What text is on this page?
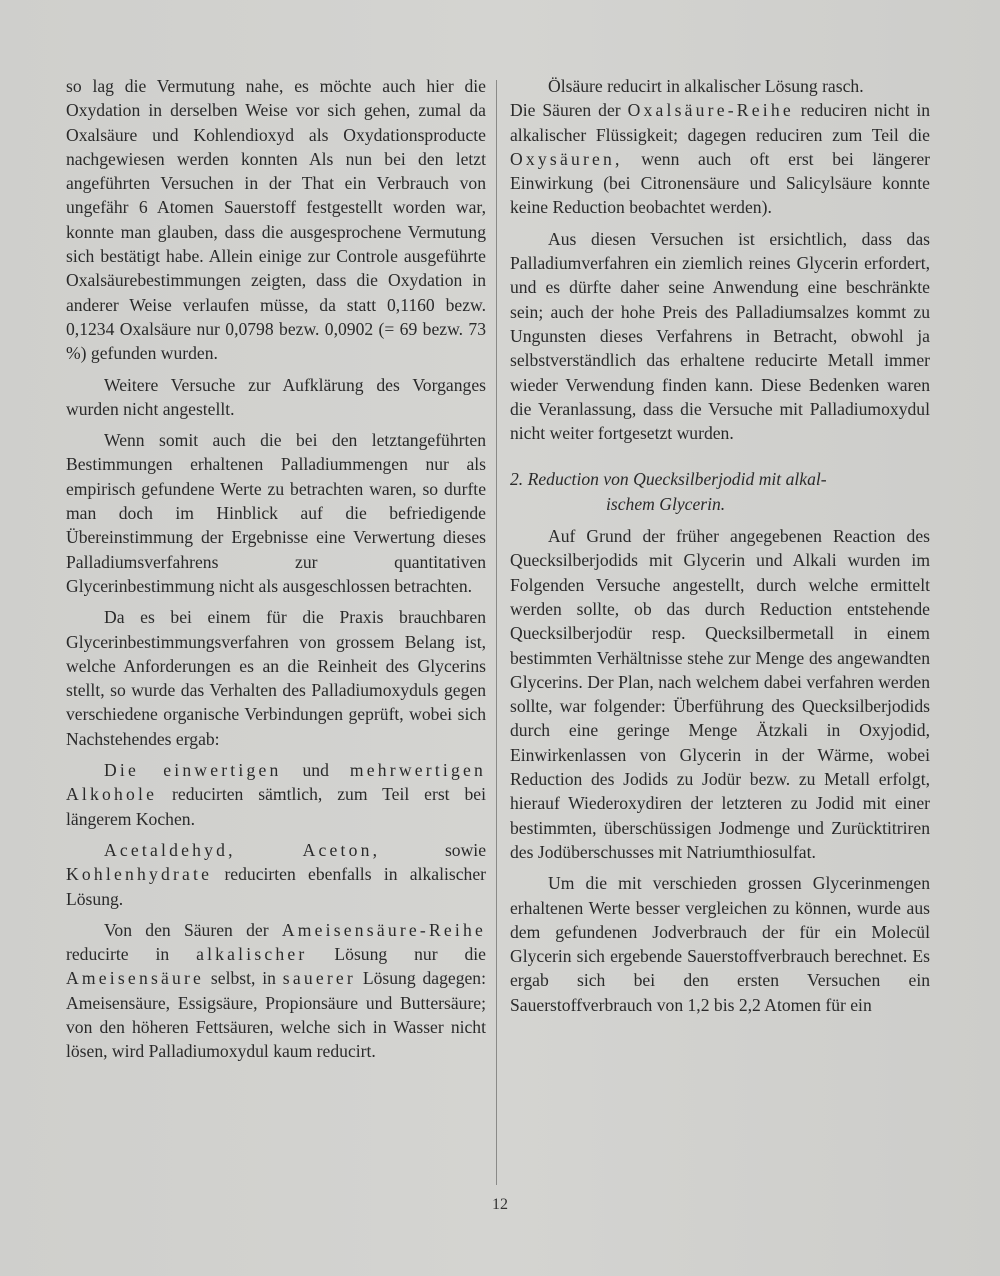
so lag die Vermutung nahe, es möchte auch hier die Oxydation in derselben Weise vor sich gehen, zumal da Oxalsäure und Kohlendioxyd als Oxydationsproducte nachgewiesen werden konnten Als nun bei den letzt angeführten Versuchen in der That ein Verbrauch von ungefähr 6 Atomen Sauerstoff festgestellt worden war, konnte man glauben, dass die ausgesprochene Vermutung sich bestätigt habe. Allein einige zur Controle ausgeführte Oxalsäurebestimmungen zeigten, dass die Oxydation in anderer Weise verlaufen müsse, da statt 0,1160 bezw. 0,1234 Oxalsäure nur 0,0798 bezw. 0,0902 (= 69 bezw. 73 %) gefunden wurden.

Weitere Versuche zur Aufklärung des Vorganges wurden nicht angestellt.

Wenn somit auch die bei den letztangeführten Bestimmungen erhaltenen Palladiummengen nur als empirisch gefundene Werte zu betrachten waren, so durfte man doch im Hinblick auf die befriedigende Übereinstimmung der Ergebnisse eine Verwertung dieses Palladiumsverfahrens zur quantitativen Glycerinbestimmung nicht als ausgeschlossen betrachten.

Da es bei einem für die Praxis brauchbaren Glycerinbestimmungsverfahren von grossem Belang ist, welche Anforderungen es an die Reinheit des Glycerins stellt, so wurde das Verhalten des Palladiumoxyduls gegen verschiedene organische Verbindungen geprüft, wobei sich Nachstehendes ergab:

Die einwertigen und mehrwertigen Alkohole reducirten sämtlich, zum Teil erst bei längerem Kochen.

Acetaldehyd, Aceton, sowie Kohlenhydrate reducirten ebenfalls in alkalischer Lösung.

Von den Säuren der Ameisensäure-Reihe reducirte in alkalischer Lösung nur die Ameisensäure selbst, in sauerer Lösung dagegen: Ameisensäure, Essigsäure, Propionsäure und Buttersäure; von den höheren Fettsäuren, welche sich in Wasser nicht lösen, wird Palladiumoxydul kaum reducirt.

Ölsäure reducirt in alkalischer Lösung rasch.

Die Säuren der Oxalsäure-Reihe reduciren nicht in alkalischer Flüssigkeit; dagegen reduciren zum Teil die Oxysäuren, wenn auch oft erst bei längerer Einwirkung (bei Citronensäure und Salicylsäure konnte keine Reduction beobachtet werden).

Aus diesen Versuchen ist ersichtlich, dass das Palladiumverfahren ein ziemlich reines Glycerin erfordert, und es dürfte daher seine Anwendung eine beschränkte sein; auch der hohe Preis des Palladiumsalzes kommt zu Ungunsten dieses Verfahrens in Betracht, obwohl ja selbstverständlich das erhaltene reducirte Metall immer wieder Verwendung finden kann. Diese Bedenken waren die Veranlassung, dass die Versuche mit Palladiumoxydul nicht weiter fortgesetzt wurden.

2. Reduction von Quecksilberjodid mit alkal-
ischem Glycerin.

Auf Grund der früher angegebenen Reaction des Quecksilberjodids mit Glycerin und Alkali wurden im Folgenden Versuche angestellt, durch welche ermittelt werden sollte, ob das durch Reduction entstehende Quecksilberjodür resp. Quecksilbermetall in einem bestimmten Verhältnisse stehe zur Menge des angewandten Glycerins. Der Plan, nach welchem dabei verfahren werden sollte, war folgender: Überführung des Quecksilberjodids durch eine geringe Menge Ätzkali in Oxyjodid, Einwirkenlassen von Glycerin in der Wärme, wobei Reduction des Jodids zu Jodür bezw. zu Metall erfolgt, hierauf Wiederoxydiren der letzteren zu Jodid mit einer bestimmten, überschüssigen Jodmenge und Zurücktitriren des Jodüberschusses mit Natriumthiosulfat.

Um die mit verschieden grossen Glycerinmengen erhaltenen Werte besser vergleichen zu können, wurde aus dem gefundenen Jodverbrauch der für ein Molecül Glycerin sich ergebende Sauerstoffverbrauch berechnet. Es ergab sich bei den ersten Versuchen ein Sauerstoffverbrauch von 1,2 bis 2,2 Atomen für ein

12
